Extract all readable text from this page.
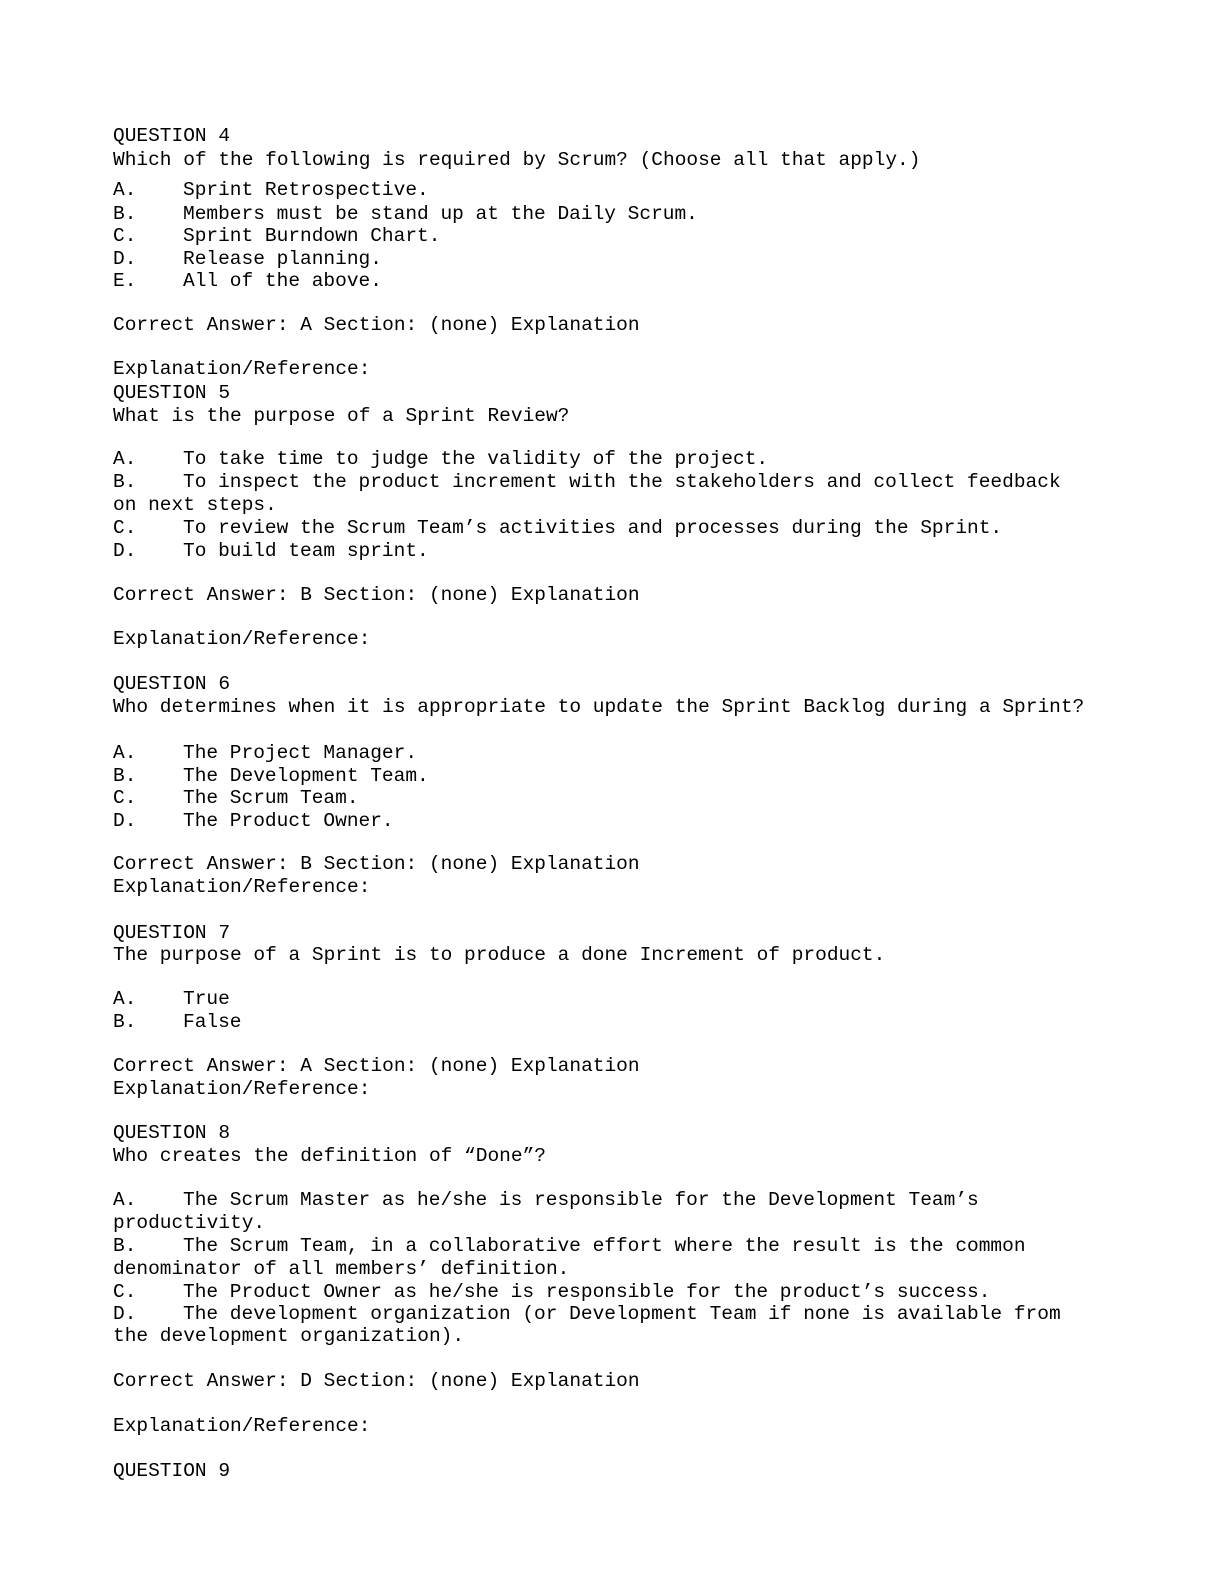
QUESTION 4

Which of the following is required by Scrum? (Choose all that apply.)

A. Sprint Retrospective.

B. Members must be stand up at the Daily Scrum.

C. Sprint Burndown Chart.

D. Release planning.

E. All of the above.

Correct Answer: A Section: (none) Explanation

Explanation/Reference:

QUESTION 5

What is the purpose of a Sprint Review?

A. To take time to judge the validity of the project.

B. To inspect the product increment with the stakeholders and collect feedback

on next steps.

C. To review the Scrum Team’s activities and processes during the Sprint.

D. To build team sprint.

Correct Answer: B Section: (none) Explanation

Explanation/Reference:

QUESTION 6

Who determines when it is appropriate to update the Sprint Backlog during a Sprint?

A. The Project Manager.

B. The Development Team.

C. The Scrum Team.

D. The Product Owner.

Correct Answer: B Section: (none) Explanation

Explanation/Reference:

QUESTION 7

The purpose of a Sprint is to produce a done Increment of product.

A. True

B. False

Correct Answer: A Section: (none) Explanation

Explanation/Reference:

QUESTION 8

Who creates the definition of “Done”?

A. The Scrum Master as he/she is responsible for the Development Team’s

productivity.

B. The Scrum Team, in a collaborative effort where the result is the common

denominator of all members’ definition.

C. The Product Owner as he/she is responsible for the product’s success.

D. The development organization (or Development Team if none is available from

the development organization).

Correct Answer: D Section: (none) Explanation

Explanation/Reference:

QUESTION 9
